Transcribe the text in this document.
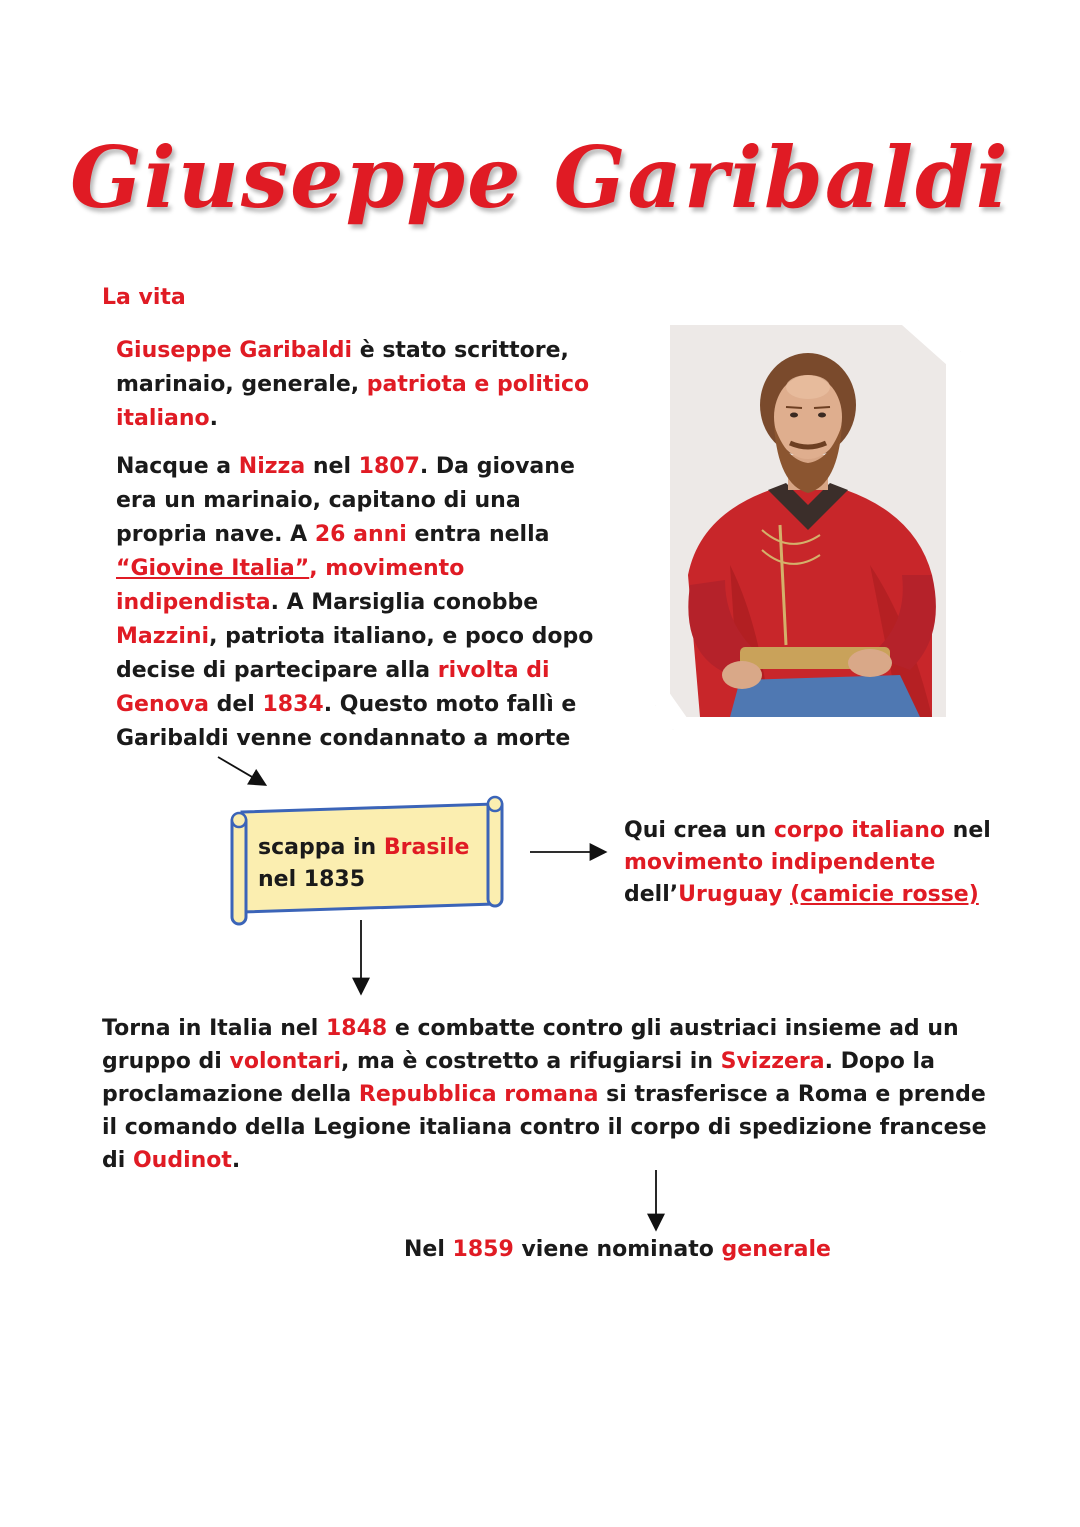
Giuseppe Garibaldi
La vita

Giuseppe Garibaldi è stato scrittore, marinaio, generale, patriota e politico italiano.

Nacque a Nizza nel 1807. Da giovane era un marinaio, capitano di una propria nave. A 26 anni entra nella “Giovine Italia”, movimento indipendista. A Marsiglia conobbe Mazzini, patriota italiano, e poco dopo decise di partecipare alla rivolta di Genova del 1834. Questo moto fallì e Garibaldi venne condannato a morte

scappa in Brasile
nel 1835

Qui crea un corpo italiano nel movimento indipendente dell’Uruguay (camicie rosse)

Torna in Italia nel 1848 e combatte contro gli austriaci insieme ad un gruppo di volontari, ma è costretto a rifugiarsi in Svizzera. Dopo la proclamazione della Repubblica romana si trasferisce a Roma e prende il comando della Legione italiana contro il corpo di spedizione francese di Oudinot.

Nel 1859 viene nominato generale
